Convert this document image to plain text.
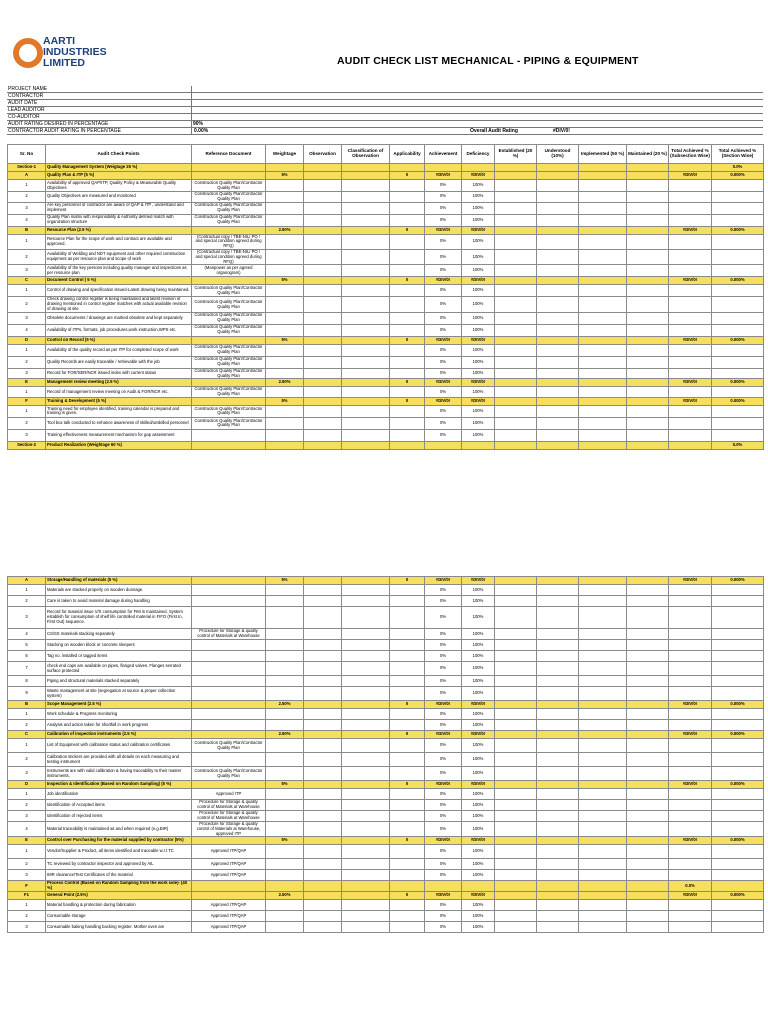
AARTI
INDUSTRIES
LIMITED	AUDIT CHECK LIST MECHANICAL - PIPING & EQUIPMENT
PROJECT NAME
CONTRACTOR
AUDIT DATE
LEAD AUDITOR
CO-AUDITOR
AUDIT RATING DESIRED IN PERCENTAGE	90%
CONTRACTOR AUDIT RATING IN PERCENTAGE	0.00%	Overall Audit Rating	#DIV/0!
Sr. No	Audit Check Points	Reference Document	Weightage	Observation	Classification of Observation	Applicability	Achievement	Deficiency	Established (20 %)	Understood (10%)	Implemented (50 %)	Maintained (20 %)	Total Achieved % (Subsection Wise)	Total Achieved % (Section Wise)
Section-1	Quality Management System (Weigtage 25 %)													0.0%
A	Quality Plan & ITP (5 %)		5%			0	#DIV/0!	#DIV/0!					#DIV/0!	0.000%
1	Availability of approved QAP/ITP, Quality Policy & Measurable Quality Objectives	Construction Quality Plan/Contractor Quality Plan					0%	100%						
2	Quality Objectives are measured and monitored	Construction Quality Plan/Contractor Quality Plan					0%	100%						
3	Are key personnel of contractor are aware of QAP & ITP , understand and implement	Construction Quality Plan/Contractor Quality Plan					0%	100%						
4	Quality Plan matrix with responsibility & Authority defined match with organization structure	Construction Quality Plan/Contractor Quality Plan					0%	100%						
B	Resource Plan (2.5 %)		2.50%			0	#DIV/0!	#DIV/0!					#DIV/0!	0.000%
1	Resource Plan for the scope of work and contract are available and approved.	(Contractual copy / TBE-NIL/ PO / and special condition agreed during RFQ)					0%	100%						
2	Availability of Welding and NDT equipment and other required construction equipment as per resource plan and scope of work	(Contractual copy / TBE-NIL/ PO / and special condition agreed during RFQ)					0%	100%						
3	Availability of the key persons including quality manager and inspections as per resource plan	(Manpower as per agreed organogram)					0%	100%						
C	Document Control ( 5 %)		5%			0	#DIV/0!	#DIV/0!					#DIV/0!	0.000%
1	Control of drawing and specification issued-Latest drawing being maintained.	Construction Quality Plan/Contractor Quality Plan					0%	100%						
2	Check drawing control register is being maintained and latest revision of drawing mentioned in control register matches with actual available revision of drawing at site	Construction Quality Plan/Contractor Quality Plan					0%	100%						
3	Obsolete documents / drawings are marked obsolete and kept separately	Construction Quality Plan/Contractor Quality Plan					0%	100%						
4	Availability of ITPs, formats, job procedures,work instruction,WPS etc.	Construction Quality Plan/Contractor Quality Plan					0%	100%						
D	Control on Record (5 %)		5%			0	#DIV/0!	#DIV/0!					#DIV/0!	0.000%
1	Availability of the quality record as per ITP for completed scope of work	Construction Quality Plan/Contractor Quality Plan					0%	100%						
2	Quality Records are easily traceable / retrievable with the job	Construction Quality Plan/Contractor Quality Plan					0%	100%						
3	Record for FOR/SER/NCR issued index with current status	Construction Quality Plan/Contractor Quality Plan					0%	100%						
E	Management review meeting (2.5 %)		2.50%			0	#DIV/0!	#DIV/0!					#DIV/0!	0.000%
1	Record of management review meeting on Audit & FOR/NCR etc.	Construction Quality Plan/Contractor Quality Plan					0%	100%						
F	Training & Development (5 %)		5%			0	#DIV/0!	#DIV/0!					#DIV/0!	0.000%
1	Training need for employee identified, training calendar is prepared and training is given.	Construction Quality Plan/Contractor Quality Plan					0%	100%						
2	Tool box talk conducted to enhance awareness of skilled/unskilled personnel	Construction Quality Plan/Contractor Quality Plan					0%	100%						
3	Training effectiveness measurement mechanism for gap assessment						0%	100%						
Section-2	Product Realization (Weightage 60 %)													0.0%
A	Storage/Handling of materials (5 %)		5%			0	#DIV/0!	#DIV/0!					#DIV/0!	0.000%
1	Materials are stacked properly on wooden dunnage.						0%	100%						
2	Care is taken to avoid material damage during handling						0%	100%						
3	Record for material issue V/S consumption for FIM is maintained. System establish for consumption of shelf life controlled material in FIFO (First In, First Out) sequence.						0%	100%						
4	CS/SS materials stacking separately	Procedure for Storage & quality control of Materials at Warehouse					0%	100%						
5	Stacking on wooden block or concrete sleepers						0%	100%						
6	Tag no. installed or tagged items						0%	100%						
7	check end caps are available on pipes, flanged valves. Flanges serrated surface protected						0%	100%						
8	Piping and structural materials stacked separately						0%	100%						
9	Waste management at site (segregation at source & proper collection system)						0%	100%						
B	Scope Management (2.5 %)		2.50%			0	#DIV/0!	#DIV/0!					#DIV/0!	0.000%
1	Work schedule & Progress monitoring						0%	100%						
2	Analysis and action taken for shortfall in work progress						0%	100%						
C	Calibration of inspection instruments (2.5 %)		2.50%			0	#DIV/0!	#DIV/0!					#DIV/0!	0.000%
1	List of Equipment with calibration status and calibration certificates	Construction Quality Plan/Contractor Quality Plan					0%	100%						
2	Calibration stickers are provided with all details on each measuring and testing instrument						0%	100%						
3	Instruments are with valid calibration & having traceability to their master instruments.	Construction Quality Plan/Contractor Quality Plan					0%	100%						
D	Inspection & Identification (Based on Random Sampling) (5 %)		5%			0	#DIV/0!	#DIV/0!					#DIV/0!	0.000%
1	Job identification	Approved ITP					0%	100%						
2	Identification of Accepted items	Procedure for Storage & quality control of Materials at Warehouse					0%	100%						
3	Identification of rejected items	Procedure for Storage & quality control of Materials at Warehouse					0%	100%						
4	Material traceability is maintained as and when required (e.g.BIR)	Procedure for Storage & quality control of Materials at Warehouse, approved ITP					0%	100%						
E	Control over Purchasing for the material supplied by contractor (5%)		5%			0	#DIV/0!	#DIV/0!					#DIV/0!	0.000%
1	Vendor/Supplier & Product, all items identified and traceable w.r.t TC	Approved ITP/QAP					0%	100%						
2	TC reviewed by contractor inspector and approved by AIL	Approved ITP/QAP					0%	100%						
3	IMR clearance/Test Certificates of the material	Approved ITP/QAP					0%	100%						
F	Process Control (Based on Random Sampling from the work side)- (40 %)												0.0%	
F1	General Point (2.5%)		2.50%			0	#DIV/0!	#DIV/0!					#DIV/0!	0.000%
1	Material handling & protection during fabrication	Approved ITP/QAP					0%	100%						
2	Consumable storage	Approved ITP/QAP					0%	100%						
3	Consumable baking handling backing register. Mother oven are	Approved ITP/QAP					0%	100%						
